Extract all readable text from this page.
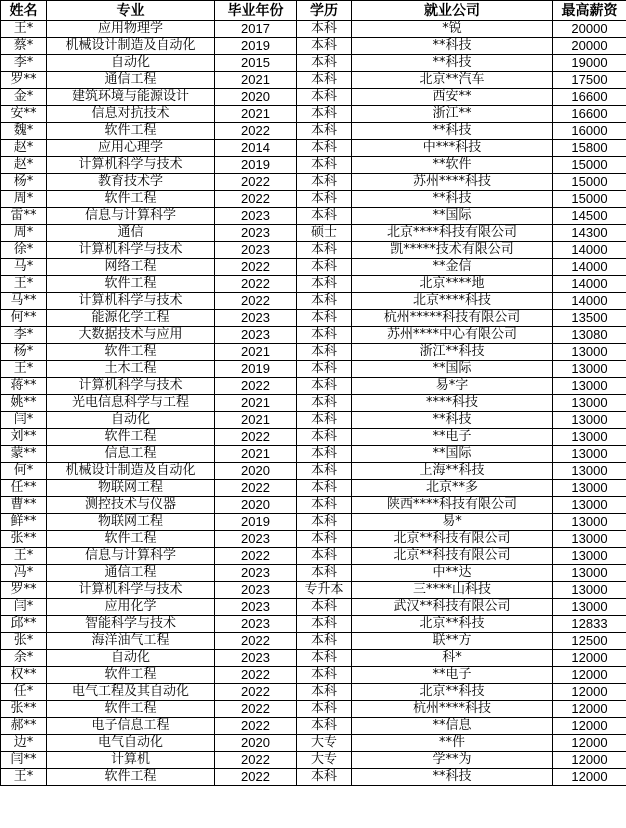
姓名	专业	毕业年份	学历	就业公司	最高薪资
王*	应用物理学	2017	本科	*锐	20000
蔡*	机械设计制造及自动化	2019	本科	**科技	20000
李*	自动化	2015	本科	**科技	19000
罗**	通信工程	2021	本科	北京**汽车	17500
金*	建筑环境与能源设计	2020	本科	西安**	16600
安**	信息对抗技术	2021	本科	浙江**	16600
魏*	软件工程	2022	本科	**科技	16000
赵*	应用心理学	2014	本科	中***科技	15800
赵*	计算机科学与技术	2019	本科	**软件	15000
杨*	教育技术学	2022	本科	苏州****科技	15000
周*	软件工程	2022	本科	**科技	15000
雷**	信息与计算科学	2023	本科	**国际	14500
周*	通信	2023	硕士	北京****科技有限公司	14300
徐*	计算机科学与技术	2023	本科	凯*****技术有限公司	14000
马*	网络工程	2022	本科	**金信	14000
王*	软件工程	2022	本科	北京****地	14000
马**	计算机科学与技术	2022	本科	北京****科技	14000
何**	能源化学工程	2023	本科	杭州*****科技有限公司	13500
李*	大数据技术与应用	2023	本科	苏州****中心有限公司	13080
杨*	软件工程	2021	本科	浙江**科技	13000
王*	土木工程	2019	本科	**国际	13000
蒋**	计算机科学与技术	2022	本科	易*字	13000
姚**	光电信息科学与工程	2021	本科	****科技	13000
闫*	自动化	2021	本科	**科技	13000
刘**	软件工程	2022	本科	**电子	13000
蒙**	信息工程	2021	本科	**国际	13000
何*	机械设计制造及自动化	2020	本科	上海**科技	13000
任**	物联网工程	2022	本科	北京**多	13000
曹**	测控技术与仪器	2020	本科	陕西****科技有限公司	13000
鲜**	物联网工程	2019	本科	易*	13000
张**	软件工程	2023	本科	北京**科技有限公司	13000
王*	信息与计算科学	2022	本科	北京**科技有限公司	13000
冯*	通信工程	2023	本科	中**达	13000
罗**	计算机科学与技术	2023	专升本	三****山科技	13000
闫*	应用化学	2023	本科	武汉**科技有限公司	13000
邱**	智能科学与技术	2023	本科	北京**科技	12833
张*	海洋油气工程	2022	本科	联**方	12500
余*	自动化	2023	本科	科*	12000
权**	软件工程	2022	本科	**电子	12000
任*	电气工程及其自动化	2022	本科	北京**科技	12000
张**	软件工程	2022	本科	杭州****科技	12000
郝**	电子信息工程	2022	本科	**信息	12000
边*	电气自动化	2020	大专	**件	12000
闫**	计算机	2022	大专	学**为	12000
王*	软件工程	2022	本科	**科技	12000
